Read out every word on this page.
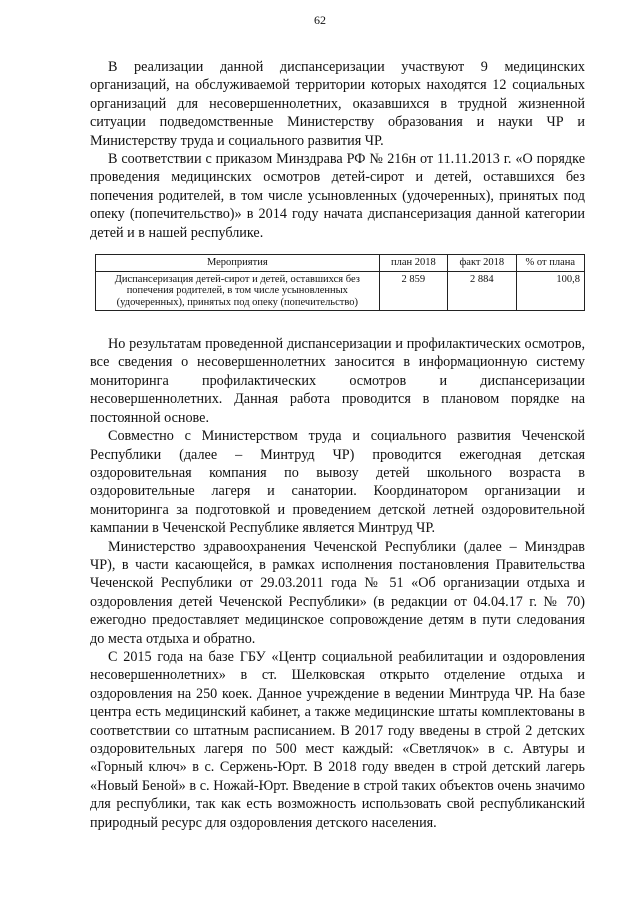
62

В реализации данной диспансеризации участвуют 9 медицинских организаций, на обслуживаемой территории которых находятся 12 социальных организаций для несовершеннолетних, оказавшихся в трудной жизненной ситуации подведомственные Министерству образования и науки ЧР и Министерству труда и социального развития ЧР.

В соответствии с приказом Минздрава РФ № 216н от 11.11.2013 г. «О порядке проведения медицинских осмотров детей-сирот и детей, оставшихся без попечения родителей, в том числе усыновленных (удочеренных), принятых под опеку (попечительство)» в 2014 году начата диспансеризация данной категории детей и в нашей республике.

Мероприятия	план 2018	факт 2018	% от плана
Диспансеризация детей-сирот и детей, оставшихся без попечения родителей, в том числе усыновленных (удочеренных), принятых под опеку (попечительство)	2 859	2 884	100,8

Но результатам проведенной диспансеризации и профилактических осмотров, все сведения о несовершеннолетних заносится в информационную систему мониторинга профилактических осмотров и диспансеризации несовершеннолетних. Данная работа проводится в плановом порядке на постоянной основе.

Совместно с Министерством труда и социального развития Чеченской Республики (далее – Минтруд ЧР) проводится ежегодная детская оздоровительная компания по вывозу детей школьного возраста в оздоровительные лагеря и санатории. Координатором организации и мониторинга за подготовкой и проведением детской летней оздоровительной кампании в Чеченской Республике является Минтруд ЧР.

Министерство здравоохранения Чеченской Республики (далее – Минздрав ЧР), в части касающейся, в рамках исполнения постановления Правительства Чеченской Республики от 29.03.2011 года № 51 «Об организации отдыха и оздоровления детей Чеченской Республики» (в редакции от 04.04.17 г. № 70) ежегодно предоставляет медицинское сопровождение детям в пути следования до места отдыха и обратно.

С 2015 года на базе ГБУ «Центр социальной реабилитации и оздоровления несовершеннолетних» в ст. Шелковская открыто отделение отдыха и оздоровления на 250 коек. Данное учреждение в ведении Минтруда ЧР. На базе центра есть медицинский кабинет, а также медицинские штаты комплектованы в соответствии со штатным расписанием. В 2017 году введены в строй 2 детских оздоровительных лагеря по 500 мест каждый: «Светлячок» в с. Автуры и «Горный ключ» в с. Сержень-Юрт. В 2018 году введен в строй детский лагерь «Новый Беной» в с. Ножай-Юрт. Введение в строй таких объектов очень значимо для республики, так как есть возможность использовать свой республиканский природный ресурс для оздоровления детского населения.
